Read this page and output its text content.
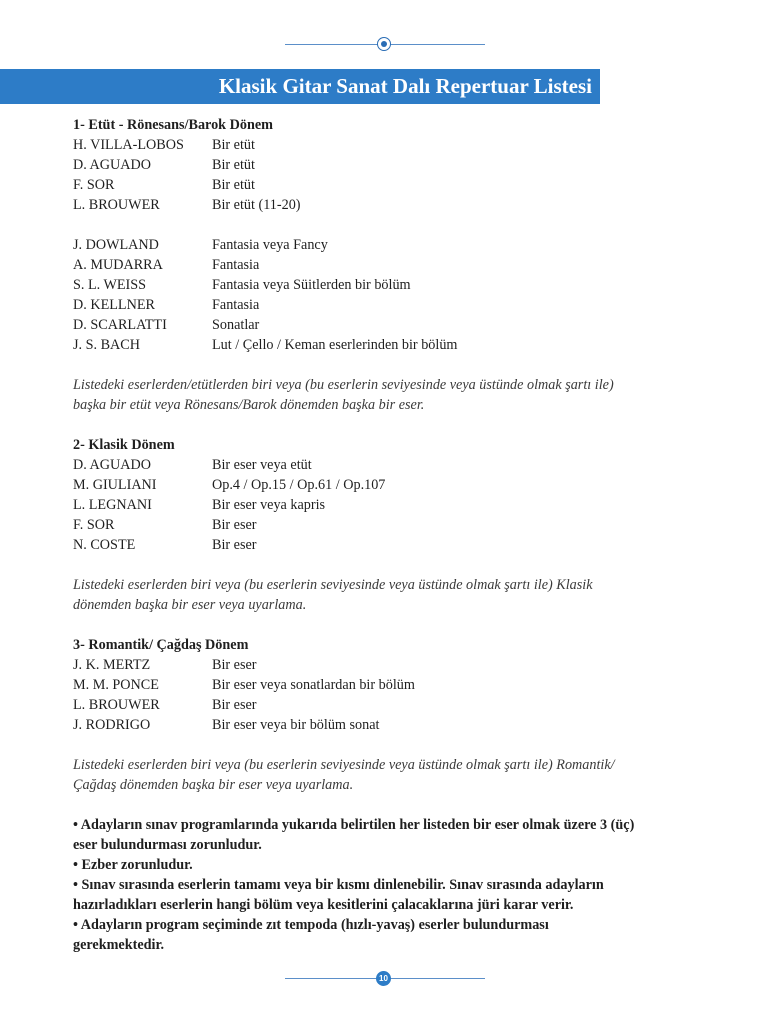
Klasik Gitar Sanat Dalı Repertuar Listesi
1- Etüt - Rönesans/Barok Dönem
H. VILLA-LOBOS	Bir etüt
D. AGUADO	Bir etüt
F. SOR	Bir etüt
L. BROUWER	Bir etüt (11-20)
J. DOWLAND	Fantasia veya Fancy
A. MUDARRA	Fantasia
S. L. WEISS	Fantasia veya Süitlerden bir bölüm
D. KELLNER	Fantasia
D. SCARLATTI	Sonatlar
J. S. BACH	Lut / Çello / Keman eserlerinden bir bölüm
Listedeki eserlerden/etütlerden biri veya (bu eserlerin seviyesinde veya üstünde olmak şartı ile)
başka bir etüt veya Rönesans/Barok dönemden başka bir eser.
2- Klasik Dönem
D. AGUADO	Bir eser veya etüt
M. GIULIANI	Op.4 / Op.15 / Op.61 / Op.107
L. LEGNANI	Bir eser veya kapris
F. SOR	Bir eser
N. COSTE	Bir eser
Listedeki eserlerden biri veya (bu eserlerin seviyesinde veya üstünde olmak şartı ile) Klasik
dönemden başka bir eser veya uyarlama.
3- Romantik/ Çağdaş Dönem
J. K. MERTZ	Bir eser
M. M. PONCE	Bir eser veya sonatlardan bir bölüm
L. BROUWER	Bir eser
J. RODRIGO	Bir eser veya bir bölüm sonat
Listedeki eserlerden biri veya (bu eserlerin seviyesinde veya üstünde olmak şartı ile) Romantik/
Çağdaş dönemden başka bir eser veya uyarlama.
• Adayların sınav programlarında yukarıda belirtilen her listeden bir eser olmak üzere 3 (üç)
eser bulundurması zorunludur.
• Ezber zorunludur.
• Sınav sırasında eserlerin tamamı veya bir kısmı dinlenebilir. Sınav sırasında adayların
hazırladıkları eserlerin hangi bölüm veya kesitlerini çalacaklarına jüri karar verir.
• Adayların program seçiminde zıt tempoda (hızlı-yavaş) eserler bulundurması
gerekmektedir.
10
